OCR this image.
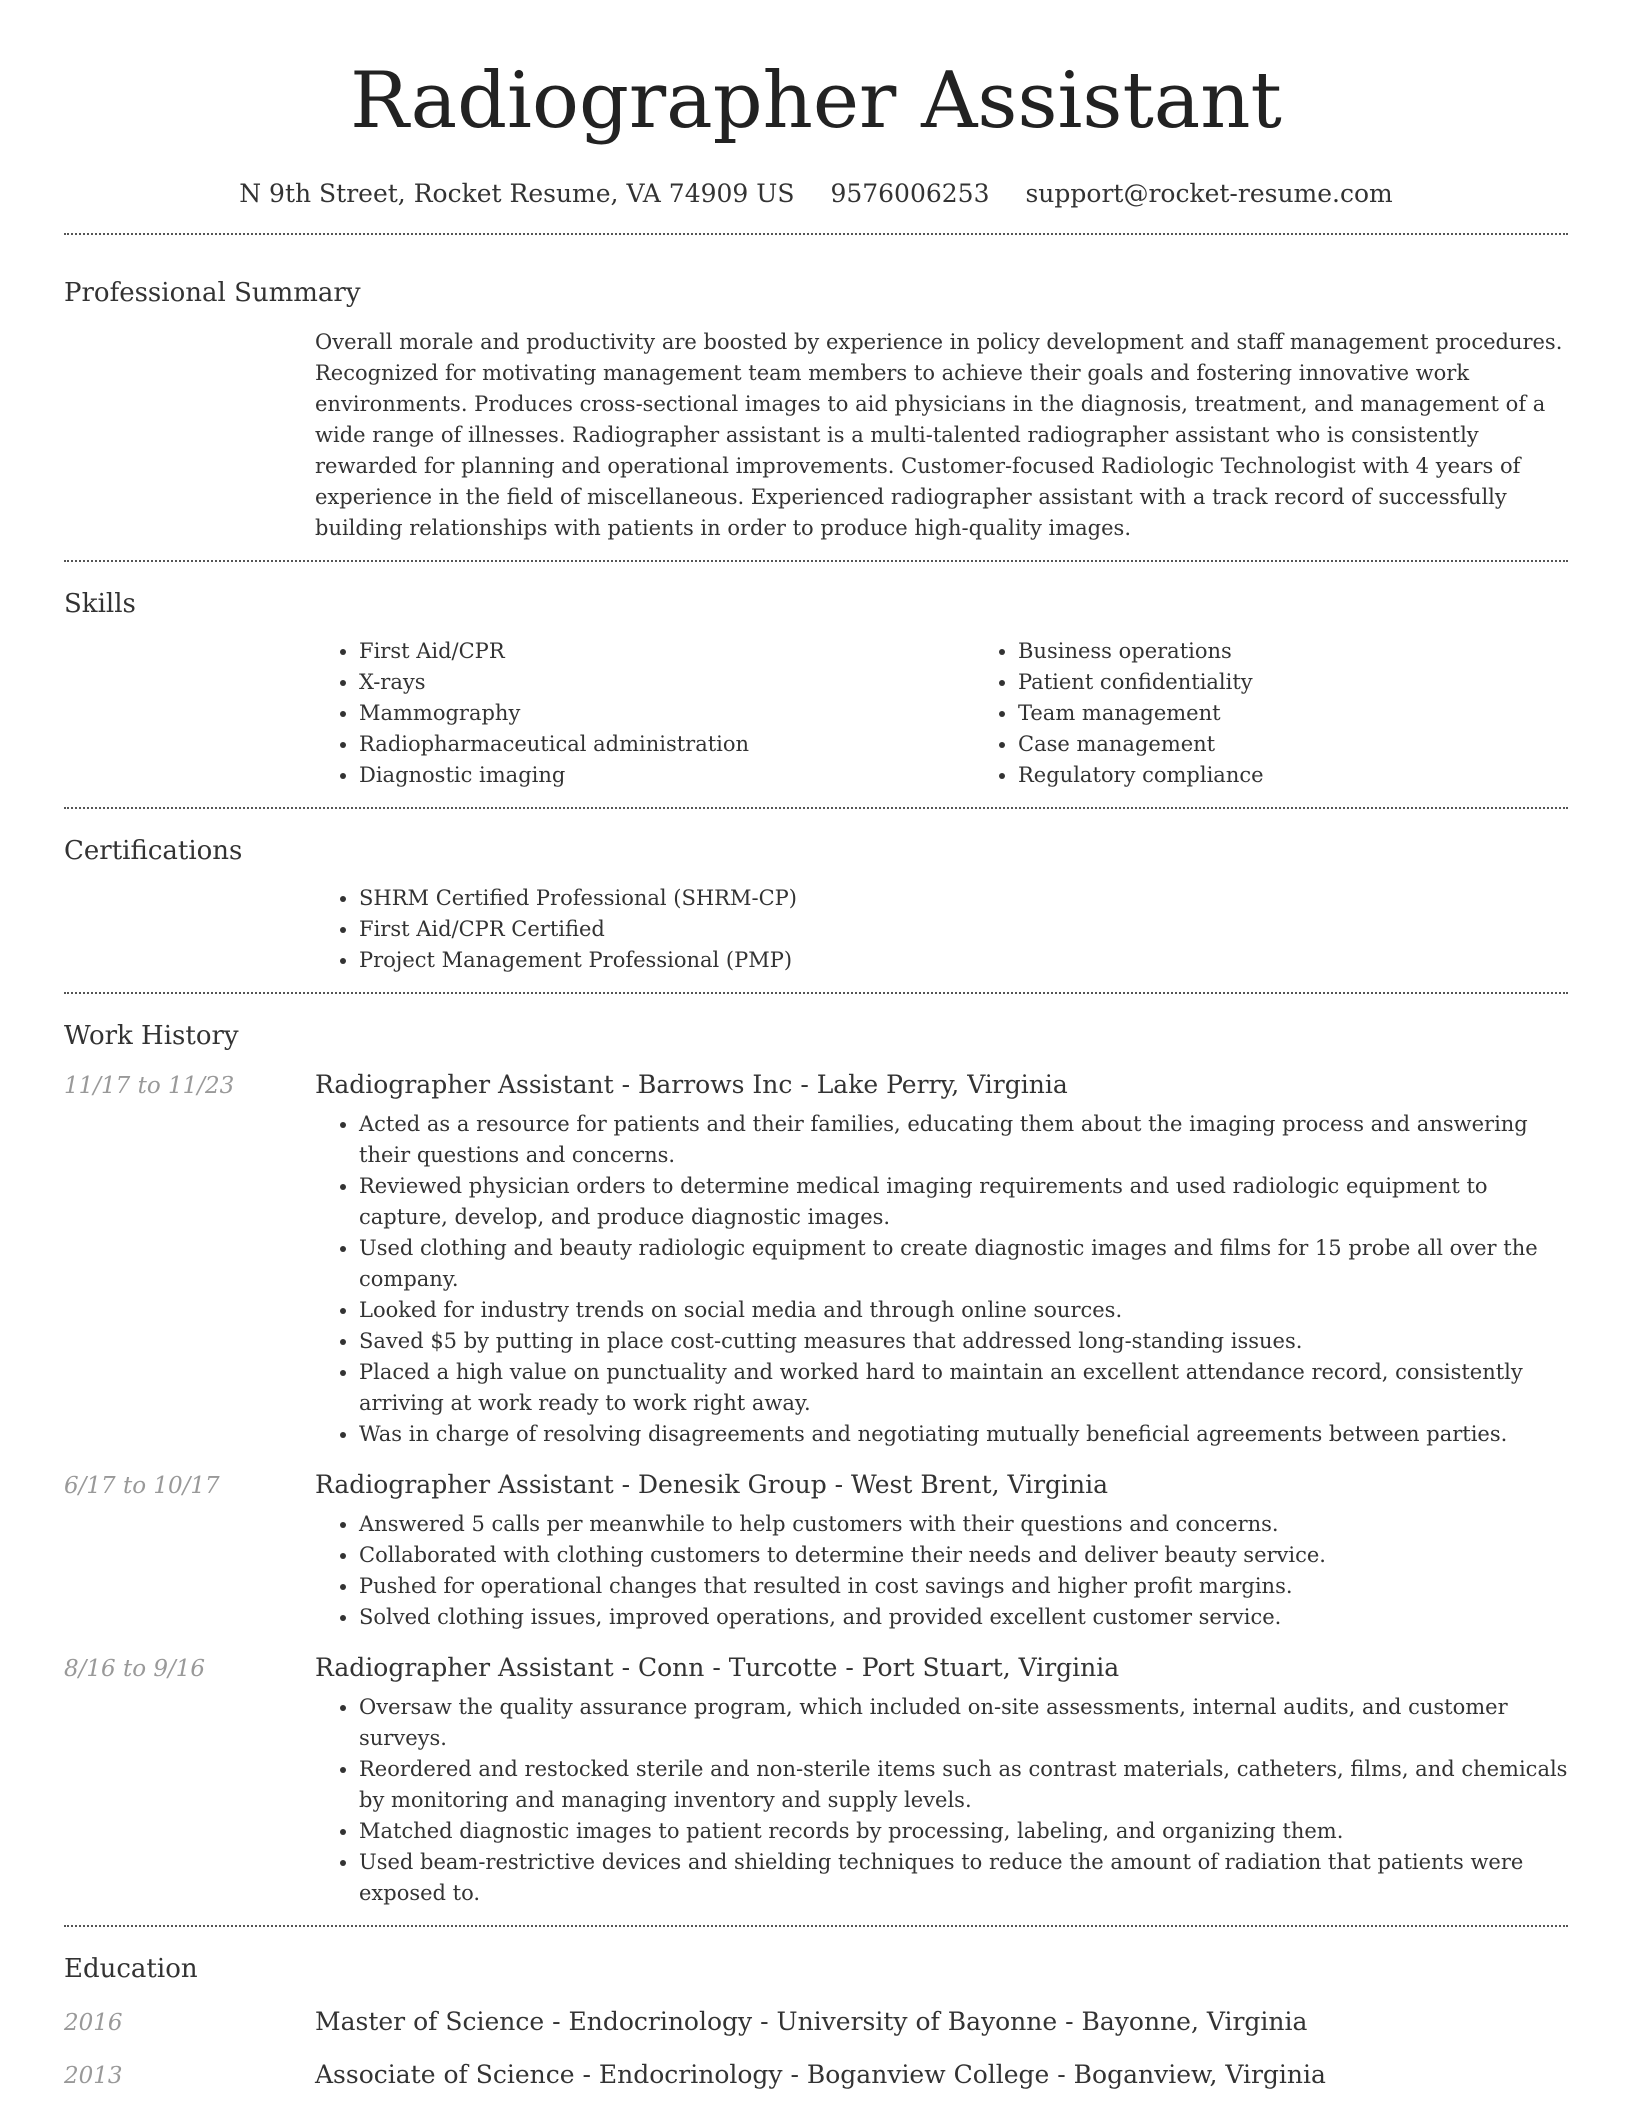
Radiographer Assistant
N 9th Street, Rocket Resume, VA 74909 US 9576006253 support@rocket-resume.com
Professional Summary

Overall morale and productivity are boosted by experience in policy development and staff management procedures. Recognized for motivating management team members to achieve their goals and fostering innovative work environments. Produces cross-sectional images to aid physicians in the diagnosis, treatment, and management of a wide range of illnesses. Radiographer assistant is a multi-talented radiographer assistant who is consistently rewarded for planning and operational improvements. Customer-focused Radiologic Technologist with 4 years of experience in the field of miscellaneous. Experienced radiographer assistant with a track record of successfully building relationships with patients in order to produce high-quality images.

Skills
• First Aid/CPR
• X-rays
• Mammography
• Radiopharmaceutical administration
• Diagnostic imaging
• Business operations
• Patient confidentiality
• Team management
• Case management
• Regulatory compliance
Certifications
• SHRM Certified Professional (SHRM-CP)
• First Aid/CPR Certified
• Project Management Professional (PMP)
Work History
11/17 to 11/23	Radiographer Assistant - Barrows Inc - Lake Perry, Virginia
• Acted as a resource for patients and their families, educating them about the imaging process and answering their questions and concerns.
• Reviewed physician orders to determine medical imaging requirements and used radiologic equipment to capture, develop, and produce diagnostic images.
• Used clothing and beauty radiologic equipment to create diagnostic images and films for 15 probe all over the company.
• Looked for industry trends on social media and through online sources.
• Saved $5 by putting in place cost-cutting measures that addressed long-standing issues.
• Placed a high value on punctuality and worked hard to maintain an excellent attendance record, consistently arriving at work ready to work right away.
• Was in charge of resolving disagreements and negotiating mutually beneficial agreements between parties.
6/17 to 10/17	Radiographer Assistant - Denesik Group - West Brent, Virginia
• Answered 5 calls per meanwhile to help customers with their questions and concerns.
• Collaborated with clothing customers to determine their needs and deliver beauty service.
• Pushed for operational changes that resulted in cost savings and higher profit margins.
• Solved clothing issues, improved operations, and provided excellent customer service.
8/16 to 9/16	Radiographer Assistant - Conn - Turcotte - Port Stuart, Virginia
• Oversaw the quality assurance program, which included on-site assessments, internal audits, and customer surveys.
• Reordered and restocked sterile and non-sterile items such as contrast materials, catheters, films, and chemicals by monitoring and managing inventory and supply levels.
• Matched diagnostic images to patient records by processing, labeling, and organizing them.
• Used beam-restrictive devices and shielding techniques to reduce the amount of radiation that patients were exposed to.
Education
2016	Master of Science - Endocrinology - University of Bayonne - Bayonne, Virginia
2013	Associate of Science - Endocrinology - Boganview College - Boganview, Virginia
